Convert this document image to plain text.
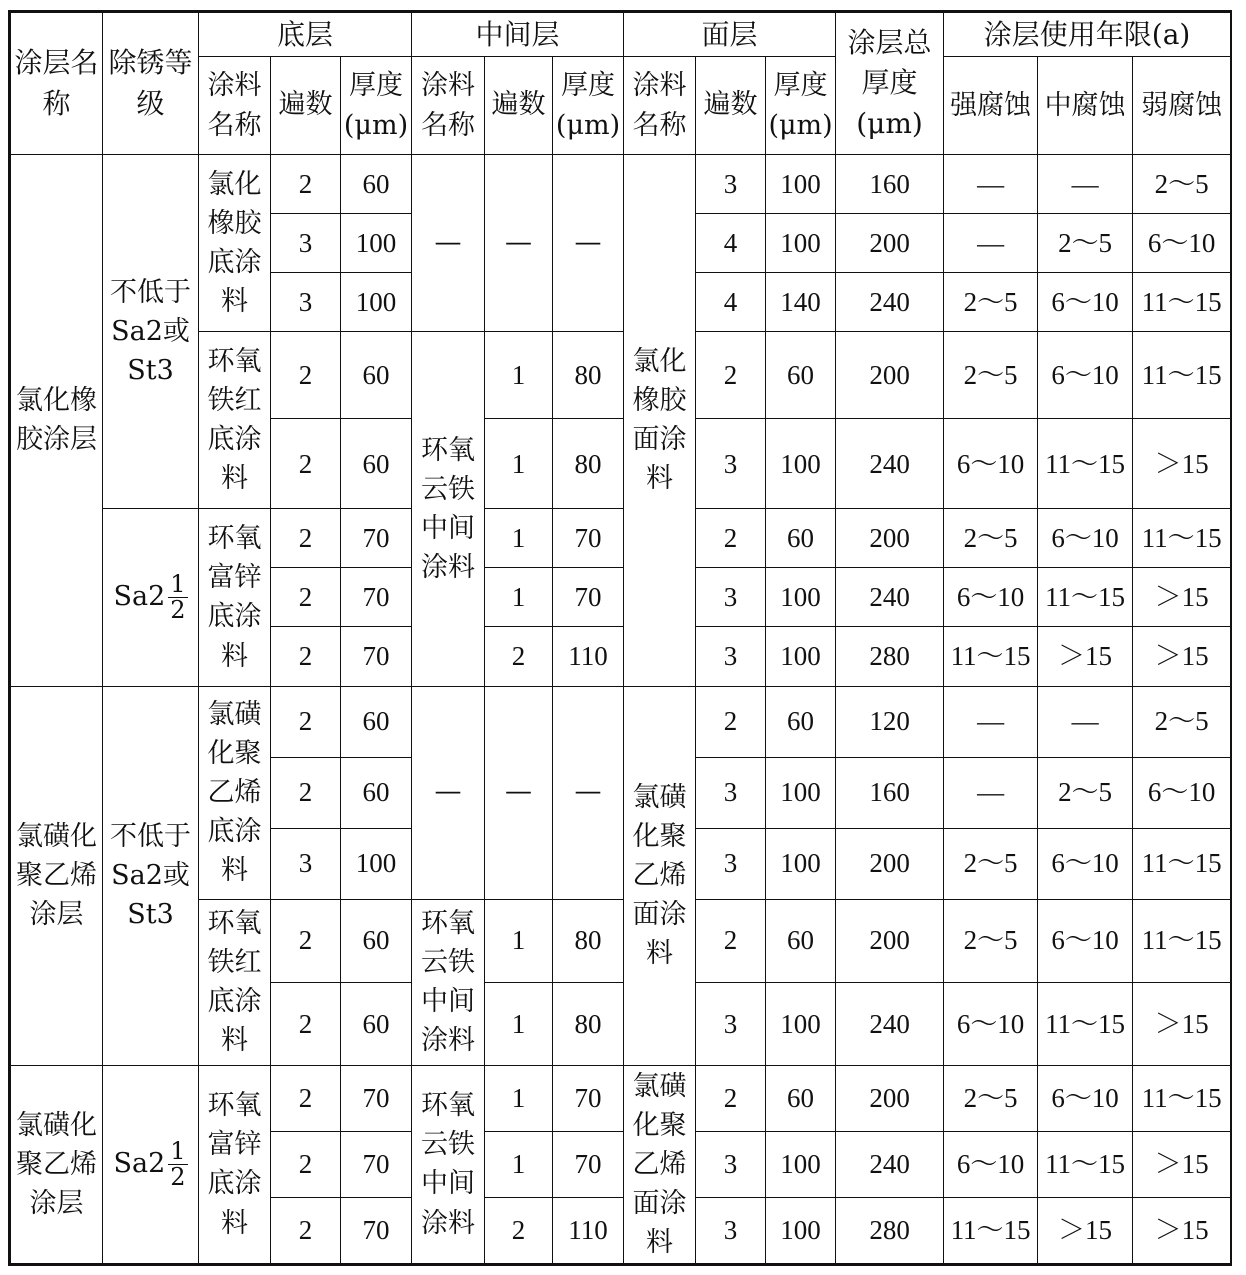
涂层名称	除锈等级	底层			中间层			面层			涂层总厚度(μm)	涂层使用年限(a)		
		涂料名称	遍数	厚度(μm)	涂料名称	遍数	厚度(μm)	涂料名称	遍数	厚度(μm)		强腐蚀	中腐蚀	弱腐蚀
氯化橡胶涂层	不低于Sa2或St3	氯化橡胶底涂料	2	60	—	—	—	氯化橡胶面涂料	3	100	160	—	—	2～5
			3	100					4	100	200	—	2～5	6～10
			3	100					4	140	240	2～5	6～10	11～15
		环氧铁红底涂料	2	60	环氧云铁中间涂料	1	80		2	60	200	2～5	6～10	11～15
			2	60		1	80		3	100	240	6～10	11～15	＞15
	$Sa2 \frac{1}{2}$	环氧富锌底涂料	2	70		1	70		2	60	200	2～5	6～10	11～15
			2	70		1	70		3	100	240	6～10	11～15	＞15
			2	70		2	110		3	100	280	11～15	＞15	＞15
氯磺化聚乙烯涂层	不低于Sa2或St3	氯磺化聚乙烯底涂料	2	60	—	—	—	氯磺化聚乙烯面涂料	2	60	120	—	—	2～5
			2	60					3	100	160	—	2～5	6～10
			3	100					3	100	200	2～5	6～10	11～15
		环氧铁红底涂料	2	60	环氧云铁中间涂料	1	80		2	60	200	2～5	6～10	11～15
			2	60		1	80		3	100	240	6～10	11～15	＞15
氯磺化聚乙烯涂层	$Sa2 \frac{1}{2}$	环氧富锌底涂料	2	70	环氧云铁中间涂料	1	70	氯磺化聚乙烯面涂料	2	60	200	2～5	6～10	11～15
			2	70		1	70		3	100	240	6～10	11～15	＞15
			2	70		2	110		3	100	280	11～15	＞15	＞15
